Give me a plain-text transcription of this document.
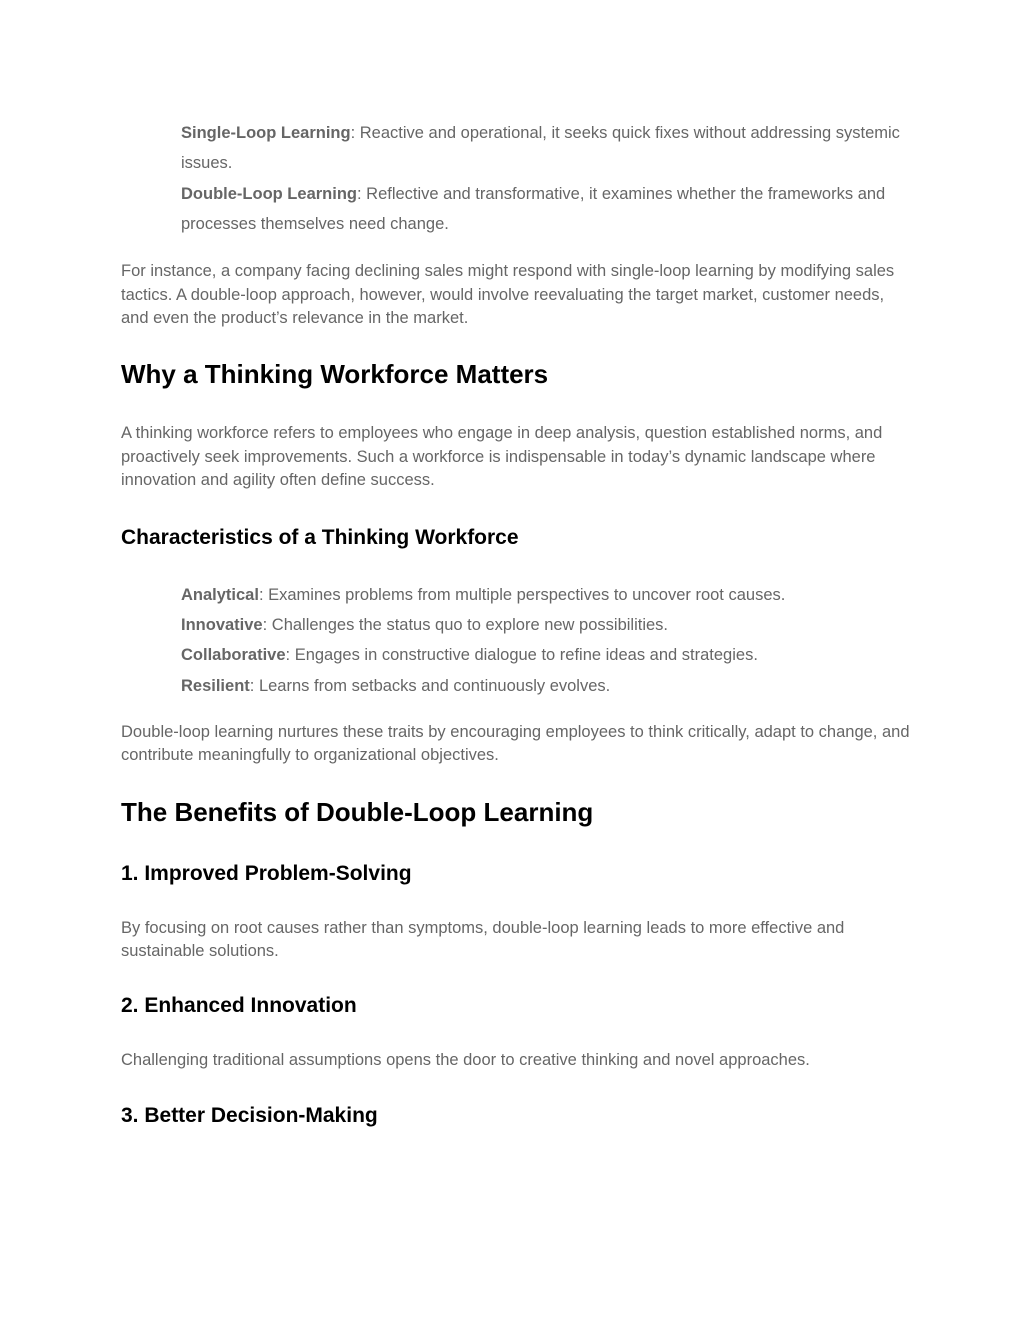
Single-Loop Learning: Reactive and operational, it seeks quick fixes without addressing systemic issues.
Double-Loop Learning: Reflective and transformative, it examines whether the frameworks and processes themselves need change.

For instance, a company facing declining sales might respond with single-loop learning by modifying sales tactics. A double-loop approach, however, would involve reevaluating the target market, customer needs, and even the product’s relevance in the market.

Why a Thinking Workforce Matters

A thinking workforce refers to employees who engage in deep analysis, question established norms, and proactively seek improvements. Such a workforce is indispensable in today’s dynamic landscape where innovation and agility often define success.

Characteristics of a Thinking Workforce
Analytical: Examines problems from multiple perspectives to uncover root causes.
Innovative: Challenges the status quo to explore new possibilities.
Collaborative: Engages in constructive dialogue to refine ideas and strategies.
Resilient: Learns from setbacks and continuously evolves.

Double-loop learning nurtures these traits by encouraging employees to think critically, adapt to change, and contribute meaningfully to organizational objectives.

The Benefits of Double-Loop Learning
1. Improved Problem-Solving

By focusing on root causes rather than symptoms, double-loop learning leads to more effective and sustainable solutions.

2. Enhanced Innovation

Challenging traditional assumptions opens the door to creative thinking and novel approaches.

3. Better Decision-Making
